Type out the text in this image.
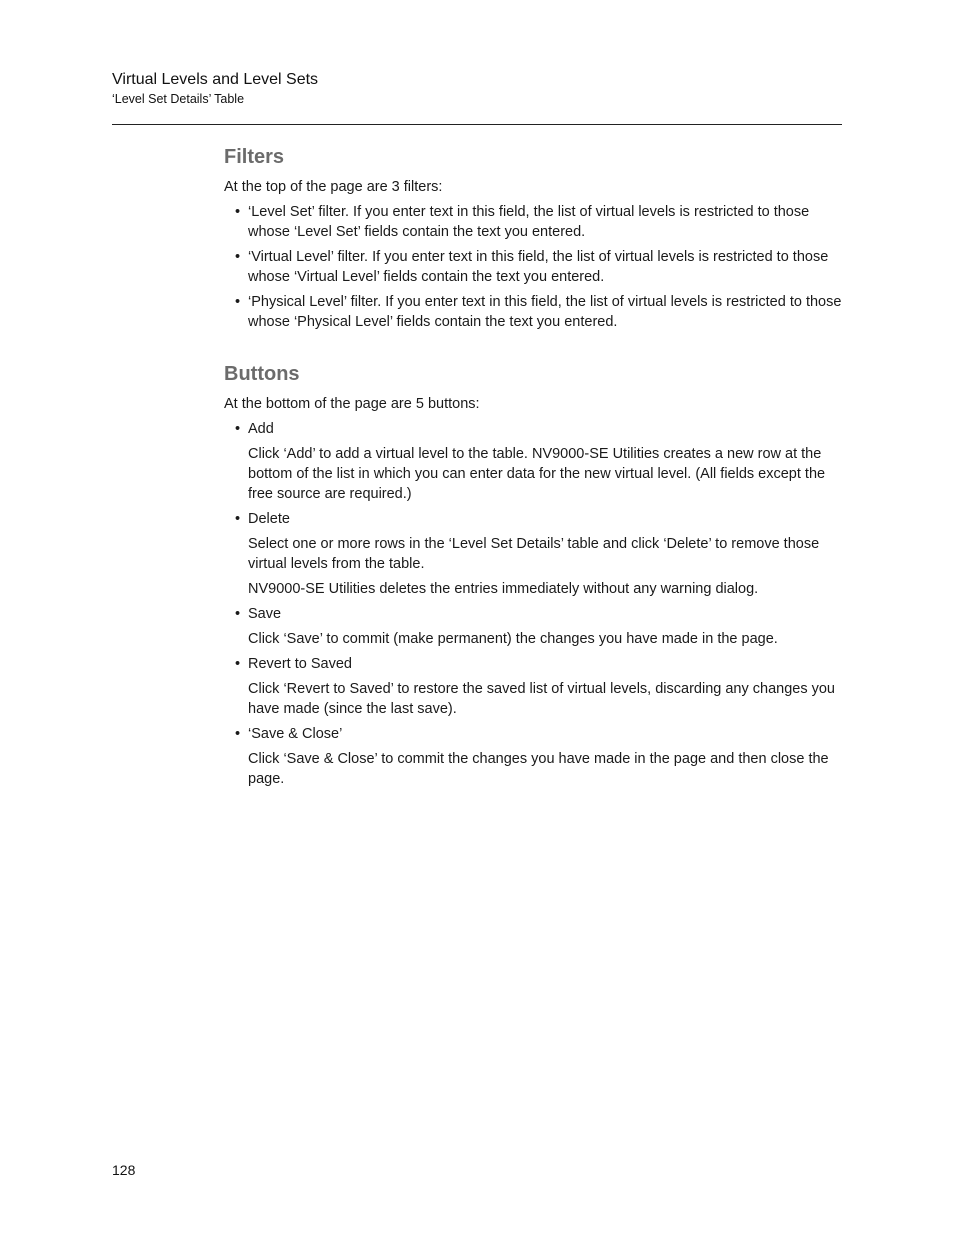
Virtual Levels and Level Sets
‘Level Set Details’ Table
Filters

At the top of the page are 3 filters:

• ‘Level Set’ filter. If you enter text in this field, the list of virtual levels is restricted to those whose ‘Level Set’ fields contain the text you entered.
• ‘Virtual Level’ filter. If you enter text in this field, the list of virtual levels is restricted to those whose ‘Virtual Level’ fields contain the text you entered.
• ‘Physical Level’ filter. If you enter text in this field, the list of virtual levels is restricted to those whose ‘Physical Level’ fields contain the text you entered.
Buttons

At the bottom of the page are 5 buttons:

• Add

Click ‘Add’ to add a virtual level to the table. NV9000-SE Utilities creates a new row at the bottom of the list in which you can enter data for the new virtual level. (All fields except the free source are required.)

• Delete

Select one or more rows in the ‘Level Set Details’ table and click ‘Delete’ to remove those virtual levels from the table.

NV9000-SE Utilities deletes the entries immediately without any warning dialog.

• Save

Click ‘Save’ to commit (make permanent) the changes you have made in the page.

• Revert to Saved

Click ‘Revert to Saved’ to restore the saved list of virtual levels, discarding any changes you have made (since the last save).

• ‘Save & Close’

Click ‘Save & Close’ to commit the changes you have made in the page and then close the page.

128
